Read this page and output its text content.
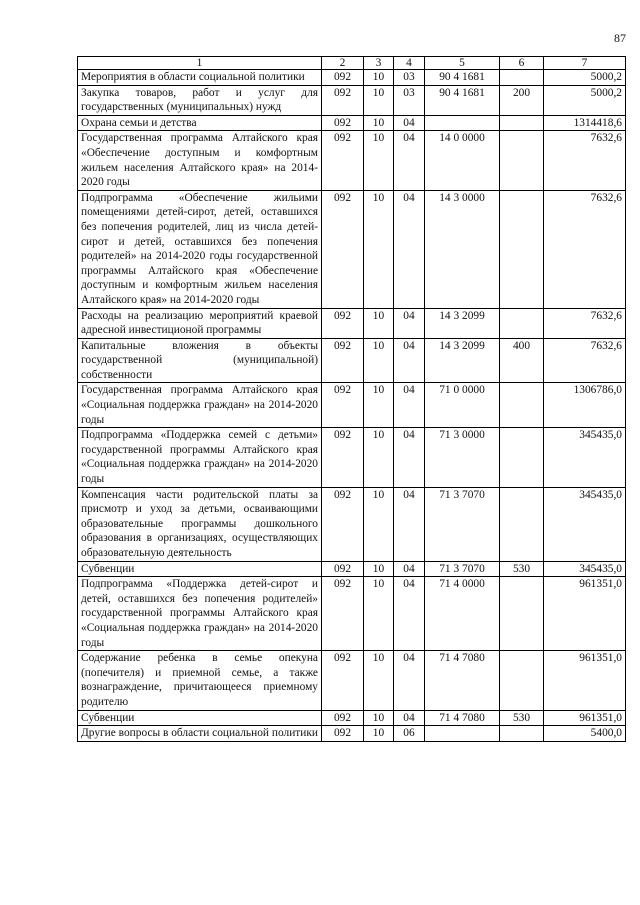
87
1	2	3	4	5	6	7
Мероприятия в области социальной политики	092	10	03	90 4 1681		5000,2
Закупка товаров, работ и услуг для государственных (муниципальных) нужд	092	10	03	90 4 1681	200	5000,2
Охрана семьи и детства	092	10	04			1314418,6
Государственная программа Алтайского края «Обеспечение доступным и комфортным жильем населения Алтайского края» на 2014-2020 годы	092	10	04	14 0 0000		7632,6
Подпрограмма «Обеспечение жильими помещениями детей-сирот, детей, оставшихся без попечения родителей, лиц из числа детей-сирот и детей, оставшихся без попечения родителей» на 2014-2020 годы государственной программы Алтайского края «Обеспечение доступным и комфортным жильем населения Алтайского края» на 2014-2020 годы	092	10	04	14 3 0000		7632,6
Расходы на реализацию мероприятий краевой адресной инвестиционой программы	092	10	04	14 3 2099		7632,6
Капитальные вложения в объекты государственной (муниципальной) собственности	092	10	04	14 3 2099	400	7632,6
Государственная программа Алтайского края «Социальная поддержка граждан» на 2014-2020 годы	092	10	04	71 0 0000		1306786,0
Подпрограмма «Поддержка семей с детьми» государственной программы Алтайского края «Социальная поддержка граждан» на 2014-2020 годы	092	10	04	71 3 0000		345435,0
Компенсация части родительской платы за присмотр и уход за детьми, осваивающими образовательные программы дошкольного образования в организациях, осуществляющих образовательную деятельность	092	10	04	71 3 7070		345435,0
Субвенции	092	10	04	71 3 7070	530	345435,0
Подпрограмма «Поддержка детей-сирот и детей, оставшихся без попечения родителей» государственной программы Алтайского края «Социальная поддержка граждан» на 2014-2020 годы	092	10	04	71 4 0000		961351,0
Содержание ребенка в семье опекуна (попечителя) и приемной семье, а также вознаграждение, причитающееся приемному родителю	092	10	04	71 4 7080		961351,0
Субвенции	092	10	04	71 4 7080	530	961351,0
Другие вопросы в области социальной политики	092	10	06			5400,0
